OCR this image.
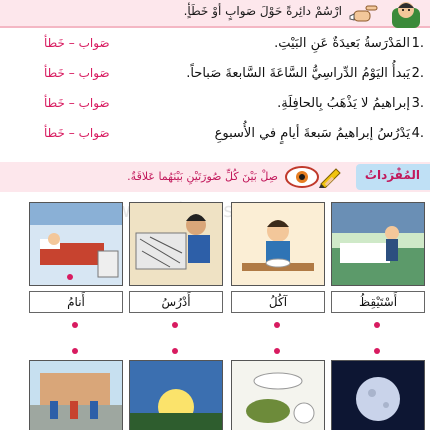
ارْسُمْ دائِرةً حَوْلَ صَوابٍ أوْ خَطَأٍ.
1.
المَدْرَسةُ بَعيدَةٌ عَنِ البَيْتِ.
صَواب – خَطأ
2.
يَبدأُ اليَوْمُ الدِّراسِيُّ السَّاعَةَ السَّابعةَ صَباحاً.
صَواب – خَطأ
3.
إبراهيمُ لا يَذْهَبُ بِالحافِلَةِ.
صَواب – خَطأ
4.
يَدْرُسُ إبراهيمُ سَبعةَ أيامٍ في الأُسبوعِ
صَواب – خَطأ
المُفْرَداتُ
صِلْ بَيْنَ كُلِّ صُورَتَيْنِ بَيْنَهُما عَلاقَةٌ.
أَسْتَيْقِظُ
آكُلُ
أَدْرُسُ
أَنامُ
